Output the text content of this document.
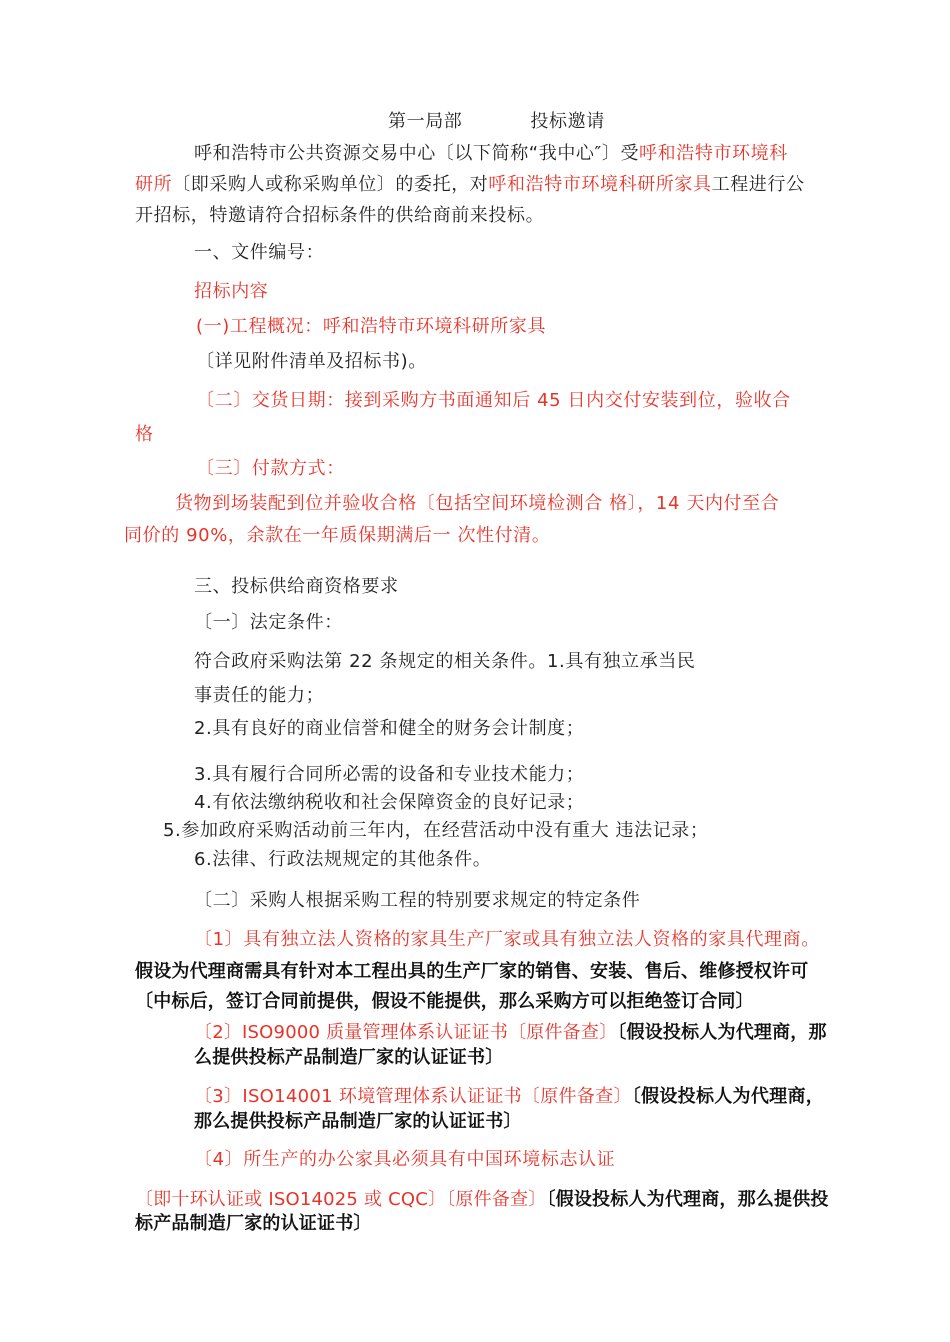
第一局部	投标邀请
呼和浩特市公共资源交易中心〔以下简称“我中心″〕受呼和浩特市环境科
研所〔即采购人或称采购单位〕的委托，对呼和浩特市环境科研所家具工程进行公
开招标，特邀请符合招标条件的供给商前来投标。
一、文件编号：
招标内容
(一)工程概况：呼和浩特市环境科研所家具
〔详见附件清单及招标书)。
〔二〕交货日期：接到采购方书面通知后 45 日内交付安装到位，验收合
格
〔三〕付款方式：
货物到场装配到位并验收合格〔包括空间环境检测合 格〕，14 天内付至合
同价的 90%，余款在一年质保期满后一 次性付清。
三、投标供给商资格要求
〔一〕法定条件：
符合政府采购法第 22 条规定的相关条件。1.具有独立承当民
事责任的能力；
2.具有良好的商业信誉和健全的财务会计制度；
3.具有履行合同所必需的设备和专业技术能力；
4.有依法缴纳税收和社会保障资金的良好记录；
5.参加政府采购活动前三年内，在经营活动中没有重大 违法记录；
6.法律、行政法规规定的其他条件。
〔二〕采购人根据采购工程的特别要求规定的特定条件
〔1〕具有独立法人资格的家具生产厂家或具有独立法人资格的家具代理商。
假设为代理商需具有针对本工程出具的生产厂家的销售、安装、售后、维修授权许可
〔中标后，签订合同前提供，假设不能提供，那么采购方可以拒绝签订合同〕
〔2〕ISO9000 质量管理体系认证证书〔原件备查〕〔假设投标人为代理商，那
么提供投标产品制造厂家的认证证书〕
〔3〕ISO14001 环境管理体系认证证书〔原件备查〕〔假设投标人为代理商，
那么提供投标产品制造厂家的认证证书〕
〔4〕所生产的办公家具必须具有中国环境标志认证
〔即十环认证或 ISO14025 或 CQC〕〔原件备查〕〔假设投标人为代理商，那么提供投
标产品制造厂家的认证证书〕
